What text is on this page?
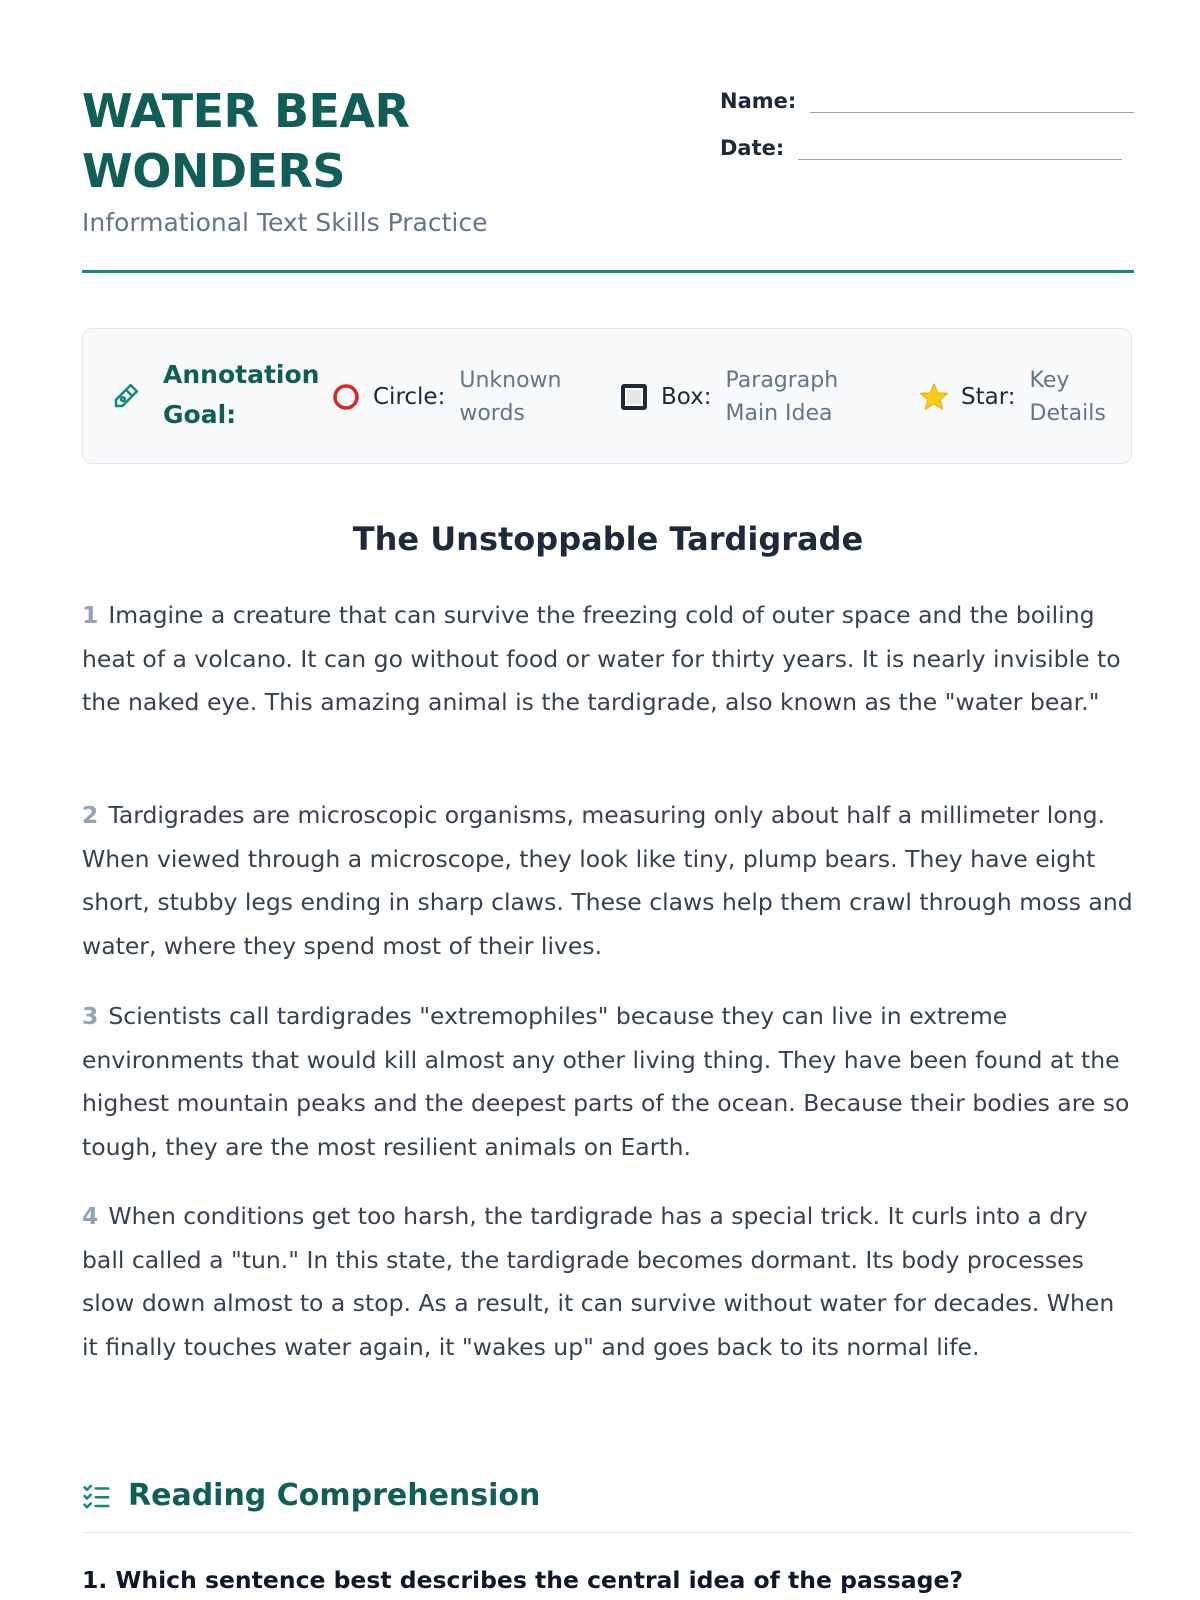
WATER BEAR
WONDERS
Informational Text Skills Practice
Name:
Date:
Annotation Goal:
Circle:
Unknown words
Box:
Paragraph Main Idea
Star:
Key Details
The Unstoppable Tardigrade

1 Imagine a creature that can survive the freezing cold of outer space and the boiling heat of a volcano. It can go without food or water for thirty years. It is nearly invisible to the naked eye. This amazing animal is the tardigrade, also known as the "water bear."

2 Tardigrades are microscopic organisms, measuring only about half a millimeter long. When viewed through a microscope, they look like tiny, plump bears. They have eight short, stubby legs ending in sharp claws. These claws help them crawl through moss and water, where they spend most of their lives.

3 Scientists call tardigrades "extremophiles" because they can live in extreme environments that would kill almost any other living thing. They have been found at the highest mountain peaks and the deepest parts of the ocean. Because their bodies are so tough, they are the most resilient animals on Earth.

4 When conditions get too harsh, the tardigrade has a special trick. It curls into a dry ball called a "tun." In this state, the tardigrade becomes dormant. Its body processes slow down almost to a stop. As a result, it can survive without water for decades. When it finally touches water again, it "wakes up" and goes back to its normal life.

Reading Comprehension
1. Which sentence best describes the central idea of the passage?
